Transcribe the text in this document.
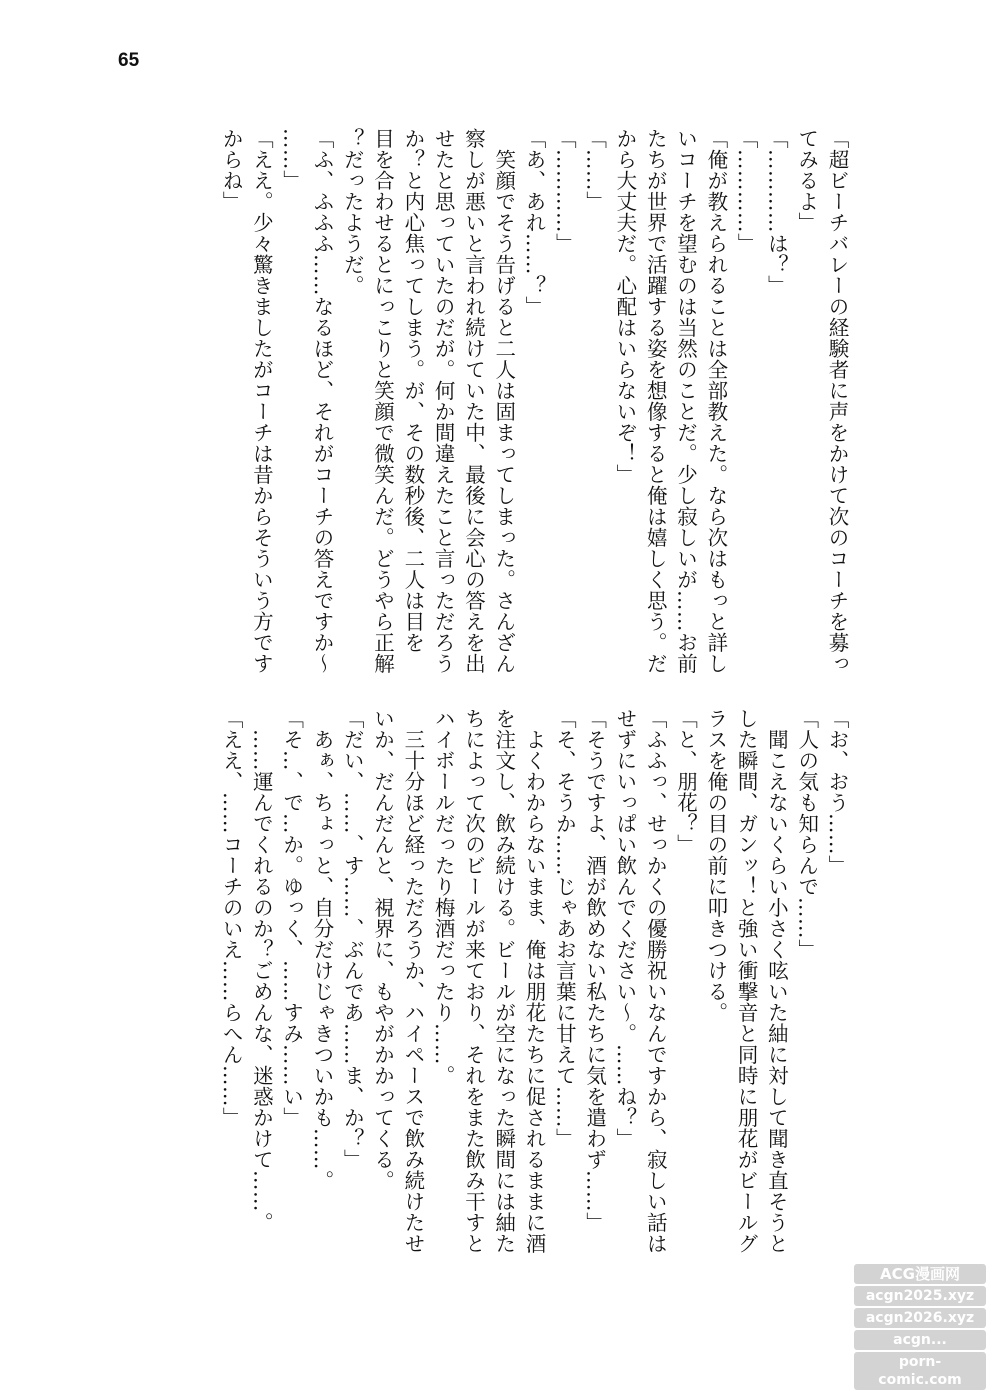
65
「超ビーチバレーの経験者に声をかけて次のコーチを募っ
てみるよ」
「…………は？」
「…………」
「俺が教えられることは全部教えた。なら次はもっと詳し
いコーチを望むのは当然のことだ。少し寂しいが……お前
たちが世界で活躍する姿を想像すると俺は嬉しく思う。だ
から大丈夫だ。心配はいらないぞ！」
「……」
「…………」
「あ、あれ……？」
　笑顔でそう告げると二人は固まってしまった。さんざん
察しが悪いと言われ続けていた中、最後に会心の答えを出
せたと思っていたのだが。何か間違えたこと言っただろう
か？と内心焦ってしまう。が、その数秒後、二人は目を
目を合わせるとにっこりと笑顔で微笑んだ。どうやら正解
？だったようだ。
「ふ、ふふふ……なるほど、それがコーチの答えですか～
……」
「ええ。少々驚きましたがコーチは昔からそういう方です
からね」
「お、おう……」
「人の気も知らんで……」
　聞こえないくらい小さく呟いた紬に対して聞き直そうと
した瞬間、ガンッ！と強い衝撃音と同時に朋花がビールグ
ラスを俺の目の前に叩きつける。
「と、朋花？」
「ふふっ、せっかくの優勝祝いなんですから、寂しい話は
せずにいっぱい飲んでください～。……ね？」
「そうですよ、酒が飲めない私たちに気を遣わず……」
「そ、そうか……じゃあお言葉に甘えて……」
　よくわからないまま、俺は朋花たちに促されるままに酒
を注文し、飲み続ける。ビールが空になった瞬間には紬た
ちによって次のビールが来ており、それをまた飲み干すと
ハイボールだったり梅酒だったり……。
　三十分ほど経っただろうか、ハイペースで飲み続けたせ
いか、だんだんと、視界に、もやがかかってくる。
「だい、……、す……、ぶんであ……ま、か？」
　あぁ、ちょっと、自分だけじゃきついかも……。
「そ…、で…か。ゆっく、……すみ……い」
　……運んでくれるのか？ごめんな、迷惑かけて……。
「ええ、……コーチのいえ……らへん……」
ACG漫画网
acgn2025.xyz
acgn2026.xyz
acgn...
porn-comic.com
